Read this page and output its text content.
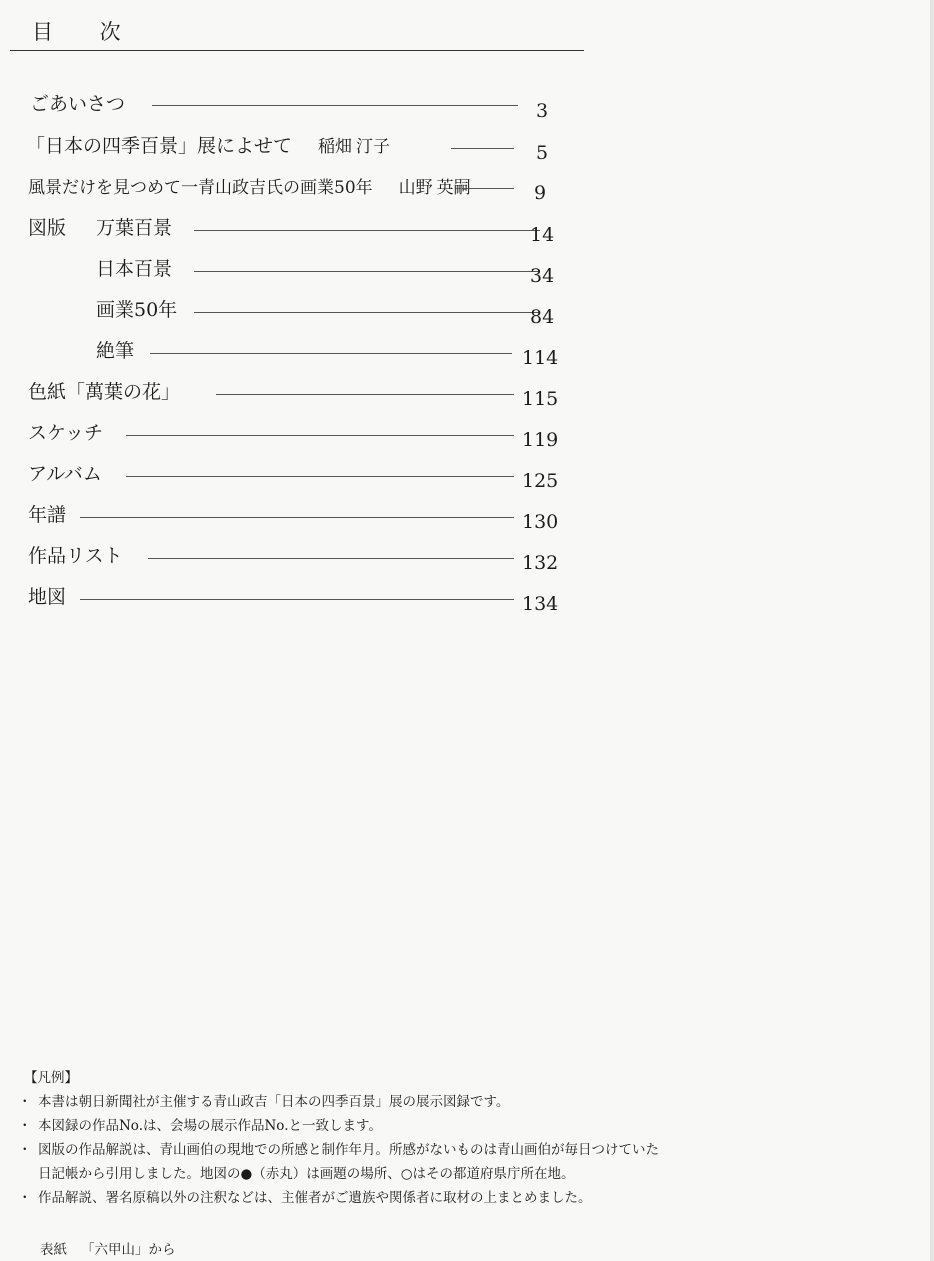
目 次
ごあいさつ	3
「日本の四季百景」展によせて 稲畑 汀子	5
風景だけを見つめて一青山政吉氏の画業50年 山野 英嗣	9
図版 万葉百景	14
日本百景	34
画業50年	84
絶筆	114
色紙「萬葉の花」	115
スケッチ	119
アルバム	125
年譜	130
作品リスト	132
地図	134
【凡例】
・ 本書は朝日新聞社が主催する青山政吉「日本の四季百景」展の展示図録です。
・ 本図録の作品No.は、会場の展示作品No.と一致します。
・ 図版の作品解説は、青山画伯の現地での所感と制作年月。所感がないものは青山画伯が毎日つけていた
日記帳から引用しました。地図の●（赤丸）は画題の場所、○はその都道府県庁所在地。
・ 作品解説、署名原稿以外の注釈などは、主催者がご遺族や関係者に取材の上まとめました。
表紙 「六甲山」から
